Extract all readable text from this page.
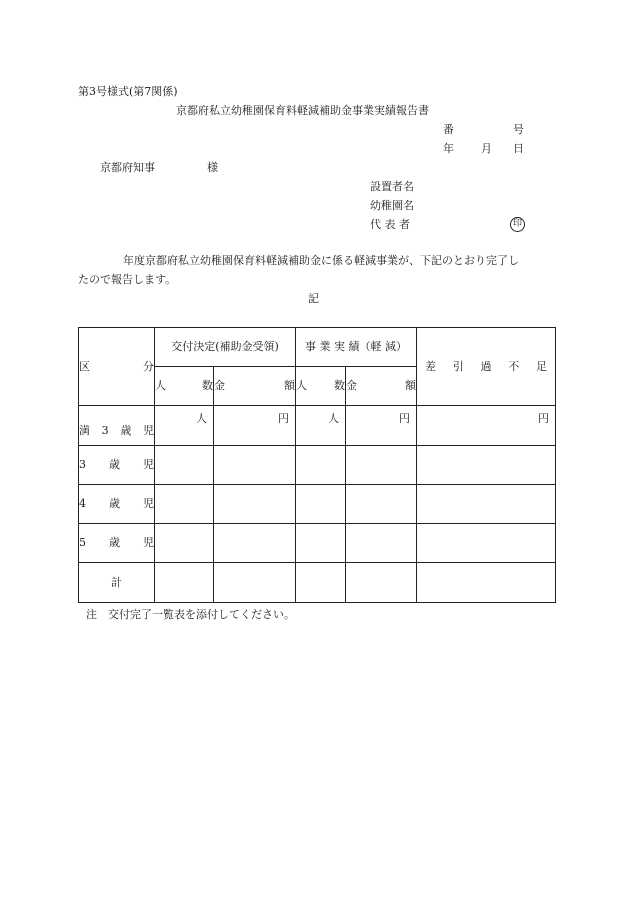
第3号様式(第7関係)
京都府私立幼稚園保育料軽減補助金事業実績報告書
番	号
年 月 日
京都府知事	様
設置者名
幼稚園名
代 表 者	印
年度京都府私立幼稚園保育料軽減補助金に係る軽減事業が、下記のとおり完了し
たので報告します。
記
区 分	交付決定(補助金受領)		事 業 実 績（軽 減）		差 引 過 不 足

	人 数	金 額	人 数	金 額	

満 3 歳 児	人	円	人	円	円

3 歳 児					

4 歳 児					

5 歳 児					

計					
注　交付完了一覧表を添付してください。
